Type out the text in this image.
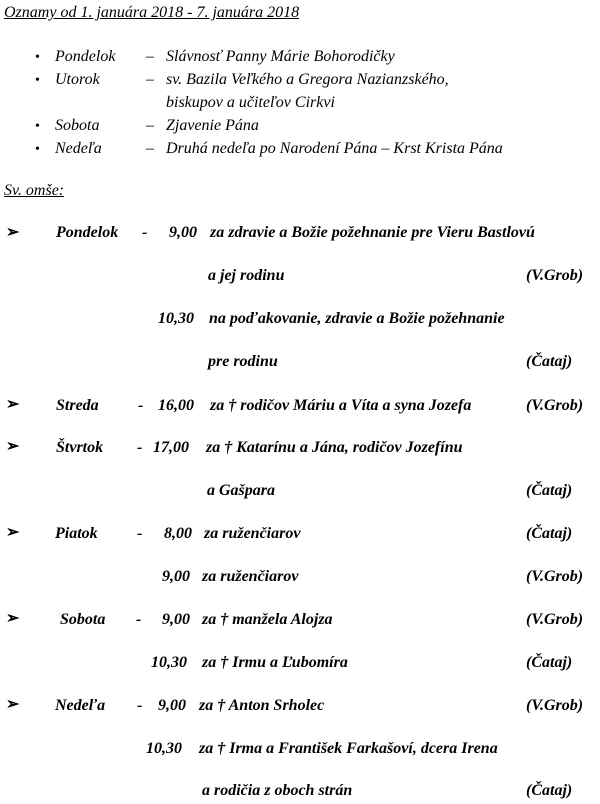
Oznamy od 1. januára 2018 - 7. januára 2018
• Pondelok – Slávnosť Panny Márie Bohorodičky
• Utorok	– sv. Bazila Veľkého a Gregora Nazianzského,
biskupov a učiteľov Cirkvi
• Sobota	– Zjavenie Pána
• Nedeľa	– Druhá nedeľa po Narodení Pána – Krst Krista Pána
Sv. omše:
➢ Pondelok - 9,00 za zdravie a Božie požehnanie pre Vieru Bastlovú
a jej rodinu	(V.Grob)
10,30 na poďakovanie, zdravie a Božie požehnanie
pre rodinu	(Čataj)
➢ Streda - 16,00 za † rodičov Máriu a Víta a syna Jozefa	(V.Grob)
➢ Štvrtok - 17,00 za † Katarínu a Jána, rodičov Jozefínu
a Gašpara	(Čataj)
➢ Piatok - 8,00 za ruženčiarov	(Čataj)
9,00 za ruženčiarov	(V.Grob)
➢	Sobota - 9,00 za † manžela Alojza	(V.Grob)
10,30 za † Irmu a Ľubomíra	(Čataj)
➢ Nedeľa - 9,00 za † Anton Srholec	(V.Grob)
10,30 za † Irma a František Farkašoví, dcera Irena
a rodičia z oboch strán	(Čataj)
